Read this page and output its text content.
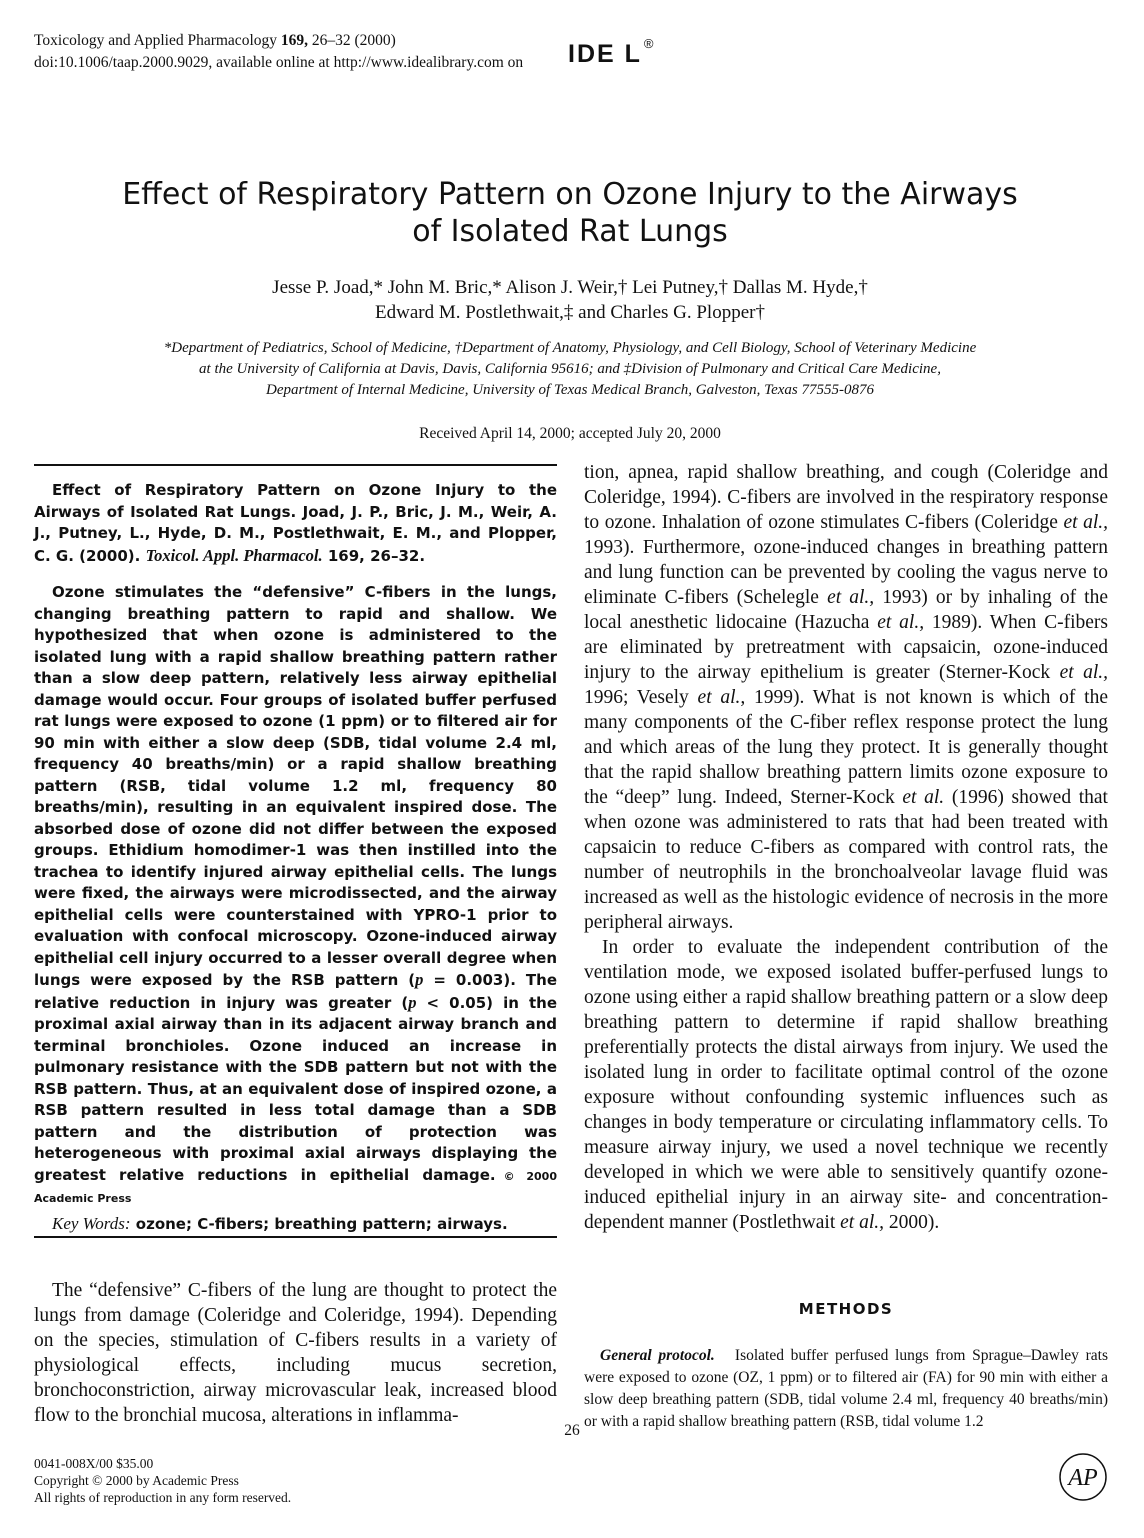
Toxicology and Applied Pharmacology 169, 26–32 (2000)
doi:10.1006/taap.2000.9029, available online at http://www.idealibrary.com on IDE L ®
Effect of Respiratory Pattern on Ozone Injury to the Airways
of Isolated Rat Lungs
Jesse P. Joad,* John M. Bric,* Alison J. Weir,† Lei Putney,† Dallas M. Hyde,†
Edward M. Postlethwait,‡ and Charles G. Plopper†
*Department of Pediatrics, School of Medicine, †Department of Anatomy, Physiology, and Cell Biology, School of Veterinary Medicine
at the University of California at Davis, Davis, California 95616; and ‡Division of Pulmonary and Critical Care Medicine,
Department of Internal Medicine, University of Texas Medical Branch, Galveston, Texas 77555-0876
Received April 14, 2000; accepted July 20, 2000

Effect of Respiratory Pattern on Ozone Injury to the Airways of Isolated Rat Lungs. Joad, J. P., Bric, J. M., Weir, A. J., Putney, L., Hyde, D. M., Postlethwait, E. M., and Plopper, C. G. (2000). Toxicol. Appl. Pharmacol. 169, 26–32.

Ozone stimulates the “defensive” C-fibers in the lungs, changing breathing pattern to rapid and shallow. We hypothesized that when ozone is administered to the isolated lung with a rapid shallow breathing pattern rather than a slow deep pattern, relatively less airway epithelial damage would occur. Four groups of isolated buffer perfused rat lungs were exposed to ozone (1 ppm) or to filtered air for 90 min with either a slow deep (SDB, tidal volume 2.4 ml, frequency 40 breaths/min) or a rapid shallow breathing pattern (RSB, tidal volume 1.2 ml, frequency 80 breaths/min), resulting in an equivalent inspired dose. The absorbed dose of ozone did not differ between the exposed groups. Ethidium homodimer-1 was then instilled into the trachea to identify injured airway epithelial cells. The lungs were fixed, the airways were microdissected, and the airway epithelial cells were counterstained with YPRO-1 prior to evaluation with confocal microscopy. Ozone-induced airway epithelial cell injury occurred to a lesser overall degree when lungs were exposed by the RSB pattern (p = 0.003). The relative reduction in injury was greater (p < 0.05) in the proximal axial airway than in its adjacent airway branch and terminal bronchioles. Ozone induced an increase in pulmonary resistance with the SDB pattern but not with the RSB pattern. Thus, at an equivalent dose of inspired ozone, a RSB pattern resulted in less total damage than a SDB pattern and the distribution of protection was heterogeneous with proximal axial airways displaying the greatest relative reductions in epithelial damage. © 2000 Academic Press

Key Words: ozone; C-fibers; breathing pattern; airways.

The “defensive” C-fibers of the lung are thought to protect the lungs from damage (Coleridge and Coleridge, 1994). Depending on the species, stimulation of C-fibers results in a variety of physiological effects, including mucus secretion, bronchoconstriction, airway microvascular leak, increased blood flow to the bronchial mucosa, alterations in inflamma-

tion, apnea, rapid shallow breathing, and cough (Coleridge and Coleridge, 1994). C-fibers are involved in the respiratory response to ozone. Inhalation of ozone stimulates C-fibers (Coleridge et al., 1993). Furthermore, ozone-induced changes in breathing pattern and lung function can be prevented by cooling the vagus nerve to eliminate C-fibers (Schelegle et al., 1993) or by inhaling of the local anesthetic lidocaine (Hazucha et al., 1989). When C-fibers are eliminated by pretreatment with capsaicin, ozone-induced injury to the airway epithelium is greater (Sterner-Kock et al., 1996; Vesely et al., 1999). What is not known is which of the many components of the C-fiber reflex response protect the lung and which areas of the lung they protect. It is generally thought that the rapid shallow breathing pattern limits ozone exposure to the “deep” lung. Indeed, Sterner-Kock et al. (1996) showed that when ozone was administered to rats that had been treated with capsaicin to reduce C-fibers as compared with control rats, the number of neutrophils in the bronchoalveolar lavage fluid was increased as well as the histologic evidence of necrosis in the more peripheral airways.

In order to evaluate the independent contribution of the ventilation mode, we exposed isolated buffer-perfused lungs to ozone using either a rapid shallow breathing pattern or a slow deep breathing pattern to determine if rapid shallow breathing preferentially protects the distal airways from injury. We used the isolated lung in order to facilitate optimal control of the ozone exposure without confounding systemic influences such as changes in body temperature or circulating inflammatory cells. To measure airway injury, we used a novel technique we recently developed in which we were able to sensitively quantify ozone-induced epithelial injury in an airway site- and concentration-dependent manner (Postlethwait et al., 2000).

METHODS

General protocol. Isolated buffer perfused lungs from Sprague–Dawley rats were exposed to ozone (OZ, 1 ppm) or to filtered air (FA) for 90 min with either a slow deep breathing pattern (SDB, tidal volume 2.4 ml, frequency 40 breaths/min) or with a rapid shallow breathing pattern (RSB, tidal volume 1.2

26
0041-008X/00 $35.00
Copyright © 2000 by Academic Press
All rights of reproduction in any form reserved.
AP
